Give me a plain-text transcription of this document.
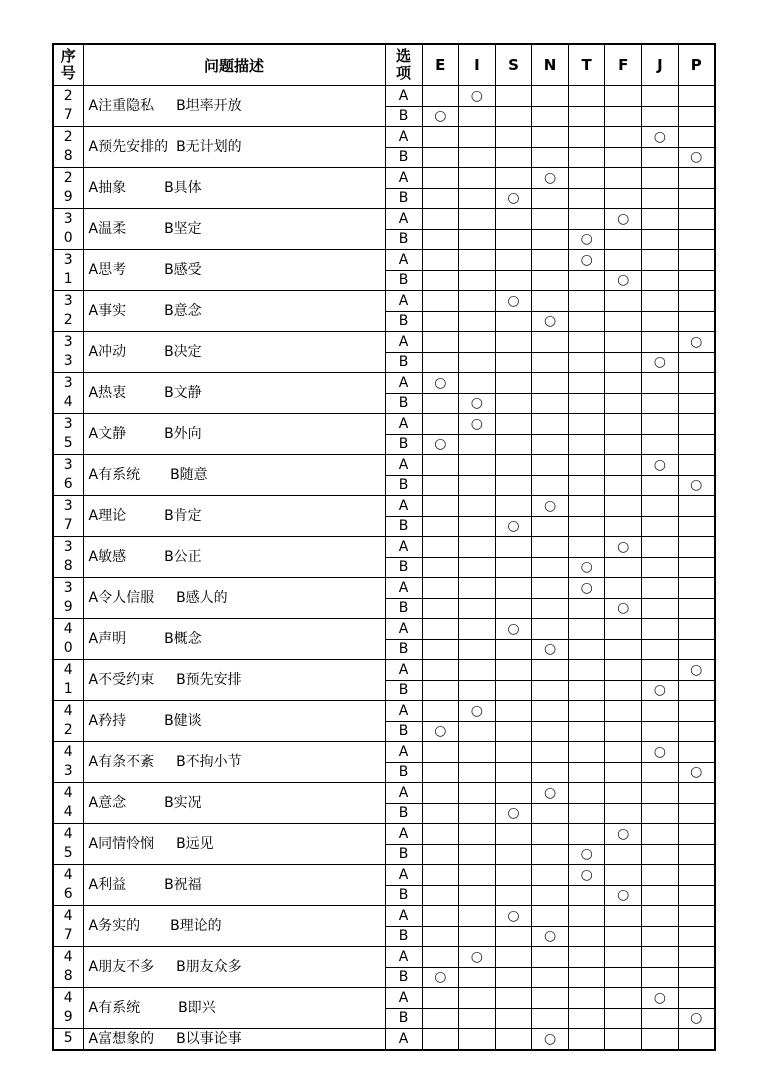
序
号	问题描述	选
项	E	I	S	N	T	F	J	P
2
7	A注重隐私 B坦率开放	A		○						
		B	○							
2
8	A预先安排的 B无计划的	A							○	
		B								○
2
9	A抽象 B具体	A				○				
		B			○					
3
0	A温柔 B坚定	A						○		
		B					○			
3
1	A思考 B感受	A					○			
		B						○		
3
2	A事实 B意念	A			○					
		B				○				
3
3	A冲动 B决定	A								○
		B							○	
3
4	A热衷 B文静	A	○							
		B		○						
3
5	A文静 B外向	A		○						
		B	○							
3
6	A有系统 B随意	A							○	
		B								○
3
7	A理论 B肯定	A				○				
		B			○					
3
8	A敏感 B公正	A						○		
		B					○			
3
9	A令人信服 B感人的	A					○			
		B						○		
4
0	A声明 B概念	A			○					
		B				○				
4
1	A不受约束 B预先安排	A								○
		B							○	
4
2	A矜持 B健谈	A		○						
		B	○							
4
3	A有条不紊 B不拘小节	A							○	
		B								○
4
4	A意念 B实况	A				○				
		B			○					
4
5	A同情怜悯 B远见	A						○		
		B					○			
4
6	A利益 B祝福	A					○			
		B						○		
4
7	A务实的 B理论的	A			○					
		B				○				
4
8	A朋友不多 B朋友众多	A		○						
		B	○							
4
9	A有系统 B即兴	A							○	
		B								○
5	A富想象的 B以事论事	A				○				
